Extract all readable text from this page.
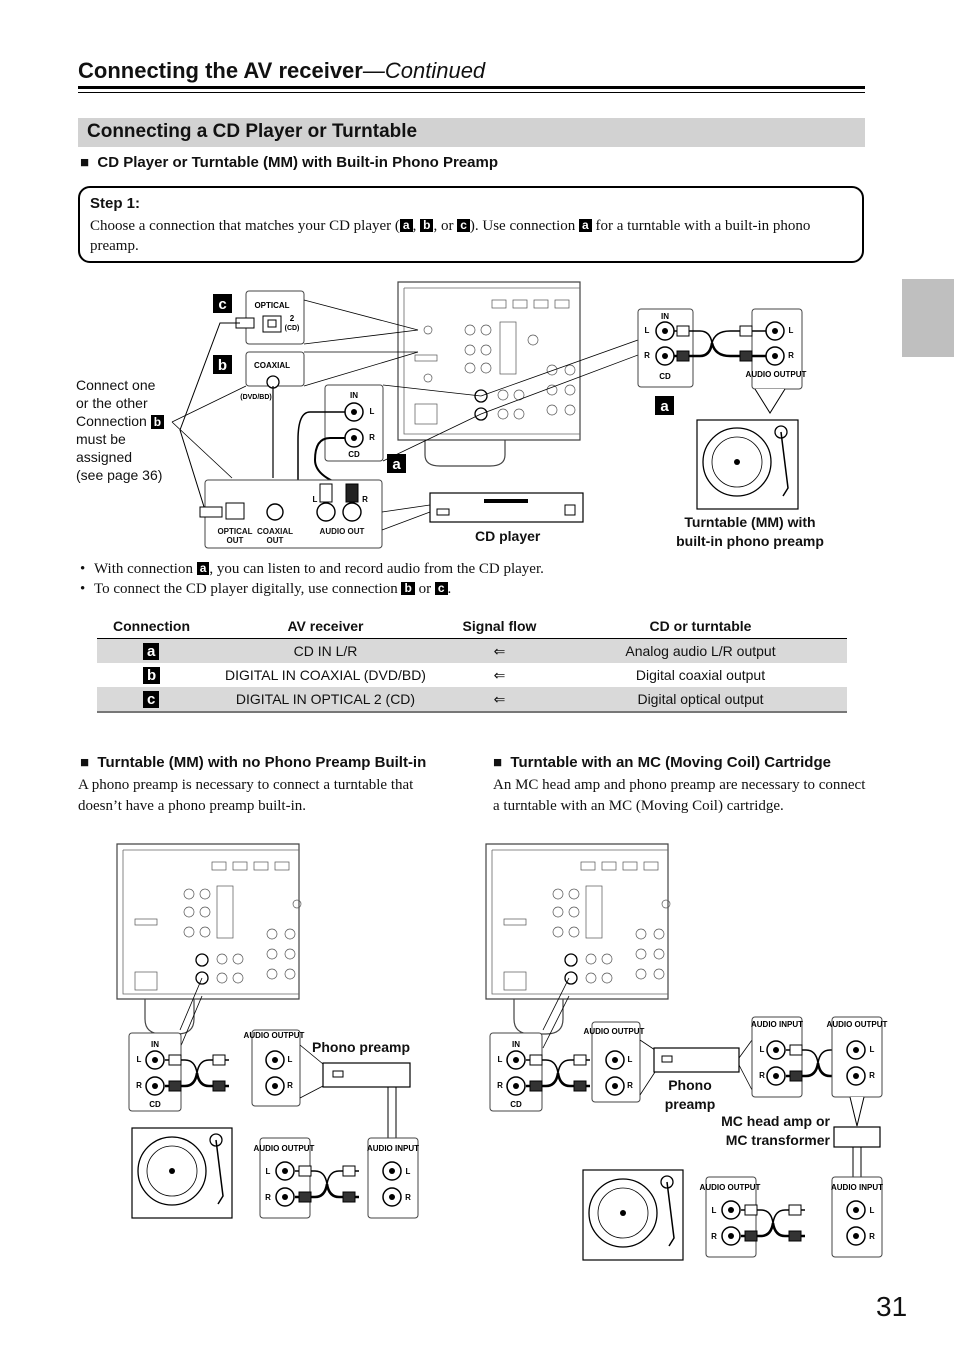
Connecting the AV receiver—Continued
Connecting a CD Player or Turntable
■ CD Player or Turntable (MM) with Built-in Phono Preamp
Step 1:
Choose a connection that matches your CD player ( a , b , or c ). Use connection a for a turntable with a built-in phono preamp.
OPTICAL
2
(CD)
COAXIAL
(DVD/BD)	IN
L
R
CD
c
b
a
a
L	R
IN
L
R
CD
L
R
AUDIO OUTPUT
OPTICAL OUT
COAXIAL OUT
AUDIO OUT
Connect one
or the other
Connection b
must be
assigned
(see page 36)
CD player
Turntable (MM) with
built-in phono preamp
• With connection a , you can listen to and record audio from the CD player.
• To connect the CD player digitally, use connection b or c .
Connection	AV receiver	Signal flow	CD or turntable
a	CD IN L/R	⇐	Analog audio L/R output
b	DIGITAL IN COAXIAL (DVD/BD)	⇐	Digital coaxial output
c	DIGITAL IN OPTICAL 2 (CD)	⇐	Digital optical output
■ Turntable (MM) with no Phono Preamp Built-in
A phono preamp is necessary to connect a turntable that doesn’t have a phono preamp built-in.
■ Turntable with an MC (Moving Coil) Cartridge
An MC head amp and phono preamp are necessary to connect a turntable with an MC (Moving Coil) cartridge.
IN
L
R
CD
AUDIO OUTPUT
L
R
AUDIO OUTPUT
L
R
AUDIO INPUT
L
R
IN
L
R
CD
AUDIO OUTPUT
L
R
AUDIO INPUT
L
R
AUDIO OUTPUT
L
R
AUDIO OUTPUT
L
R
AUDIO INPUT
L
R
Phono preamp
Phono
preamp
MC head amp or
MC transformer
31
